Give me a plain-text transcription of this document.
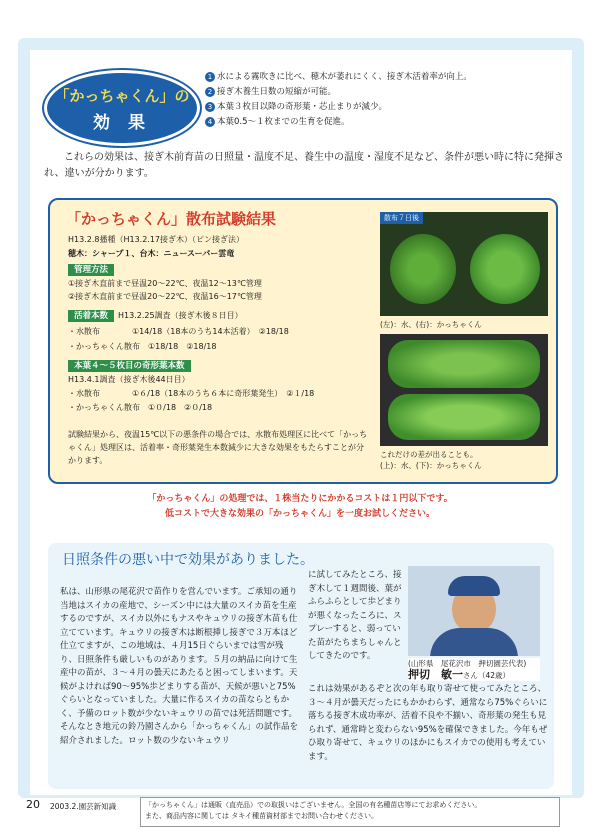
「かっちゃくん」の
効 果
1 水による霧吹きに比べ、穂木が萎れにくく、接ぎ木活着率が向上。
2 接ぎ木養生日数の短縮が可能。
3 本葉３枚目以降の奇形葉・芯止まりが減少。
4 本葉0.5〜１枚までの生育を促進。
これらの効果は、接ぎ木前育苗の日照量・温度不足、養生中の温度・湿度不足など、条件が悪い時に特に発揮され、違いが分かります。
「かっちゃくん」散布試験結果
H13.2.8播種（H13.2.17接ぎ木）（ピン接ぎ法）
穂木：シャープ１、台木：ニュースーパー雲竜
管理方法
①接ぎ木直前まで昼温20〜22℃、夜温12〜13℃管理
②接ぎ木直前まで昼温20〜22℃、夜温16〜17℃管理
活着本数 H13.2.25調査（接ぎ木後８日目）
・水散布　　　　①14/18（18本のうち14本活着）　②18/18
・かっちゃくん散布　①18/18　②18/18
本葉４〜５枚目の奇形葉本数
H13.4.1調査（接ぎ木後44日目）
・水散布　　　　①６/18（18本のうち６本に奇形葉発生）　②１/18
・かっちゃくん散布　①０/18　②０/18
試験結果から、夜温15℃以下の悪条件の場合では、水散布処理区に比べて「かっちゃくん」処理区は、活着率・奇形葉発生本数減少に大きな効果をもたらすことが分かります。
散布７日後
(左)：水、(右)：かっちゃくん
これだけの差が出ることも。
(上)：水、(下)：かっちゃくん
「かっちゃくん」の処理では、１株当たりにかかるコストは１円以下です。
低コストで大きな効果の「かっちゃくん」を一度お試しください。
日照条件の悪い中で効果がありました。
私は、山形県の尾花沢で苗作りを営んでいます。ご承知の通り当地はスイカの産地で、シーズン中には大量のスイカ苗を生産するのですが、スイカ以外にもナスやキュウリの接ぎ木苗も仕立てています。キュウリの接ぎ木は断根挿し接ぎで３万本ほど仕立てますが、この地域は、４月15日ぐらいまでは雪が残り、日照条件も厳しいものがあります。５月の納品に向けて生産中の苗が、３〜４月の曇天にあたると困ってしまいます。天候がよければ90〜95%歩どまりする苗が、天候が悪いと75%ぐらいとなっていました。大量に作るスイカの苗ならともかく、予備のロット数が少ないキュウリの苗では死活問題です。そんなとき地元の鈴乃園さんから「かっちゃくん」の試作品を紹介されました。ロット数の少ないキュウリ
に試してみたところ、接ぎ木して１週間後、葉がふらふらとして歩どまりが悪くなったころに、スプレーすると、弱っていた苗がたちまちしゃんとしてきたのです。
これは効果があるぞと次の年も取り寄せて使ってみたところ、３〜４月が曇天だったにもかかわらず、通常なら75%ぐらいに落ちる接ぎ木成功率が、活着不良や不揃い、奇形葉の発生も見られず、通常時と変わらない95%を確保できました。今年もぜひ取り寄せて、キュウリのほかにもスイカでの使用も考えています。
(山形県　尾花沢市　押切園芸代表)
押切　敏一さん（42歳）
20 2003.2.園芸新知識	「かっちゃくん」は通販（直売品）での取扱いはございません。全国の有名種苗店等にてお求めください。
また、商品内容に関しては タキイ種苗資材部までお問い合わせください。
